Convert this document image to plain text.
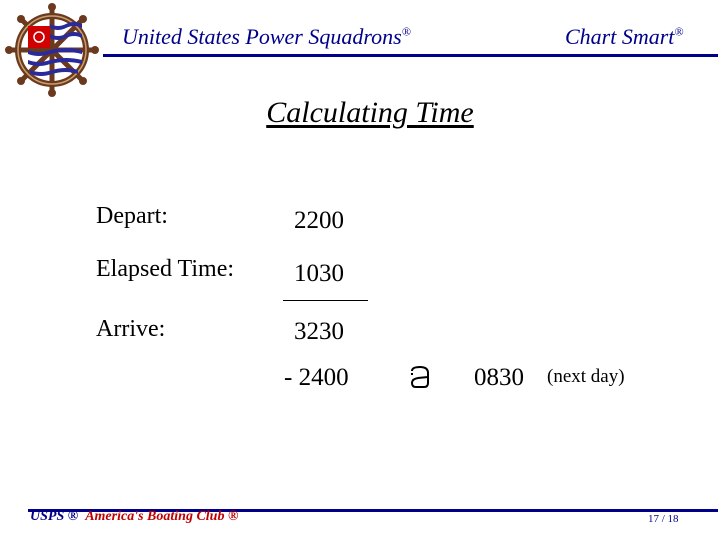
United States Power Squadrons®	Chart Smart®
Calculating Time
Depart:	2200
Elapsed Time: 1030
Arrive:	3230
- 2400	0830 (next day)
USPS ® America's Boating Club ®	17 / 18
